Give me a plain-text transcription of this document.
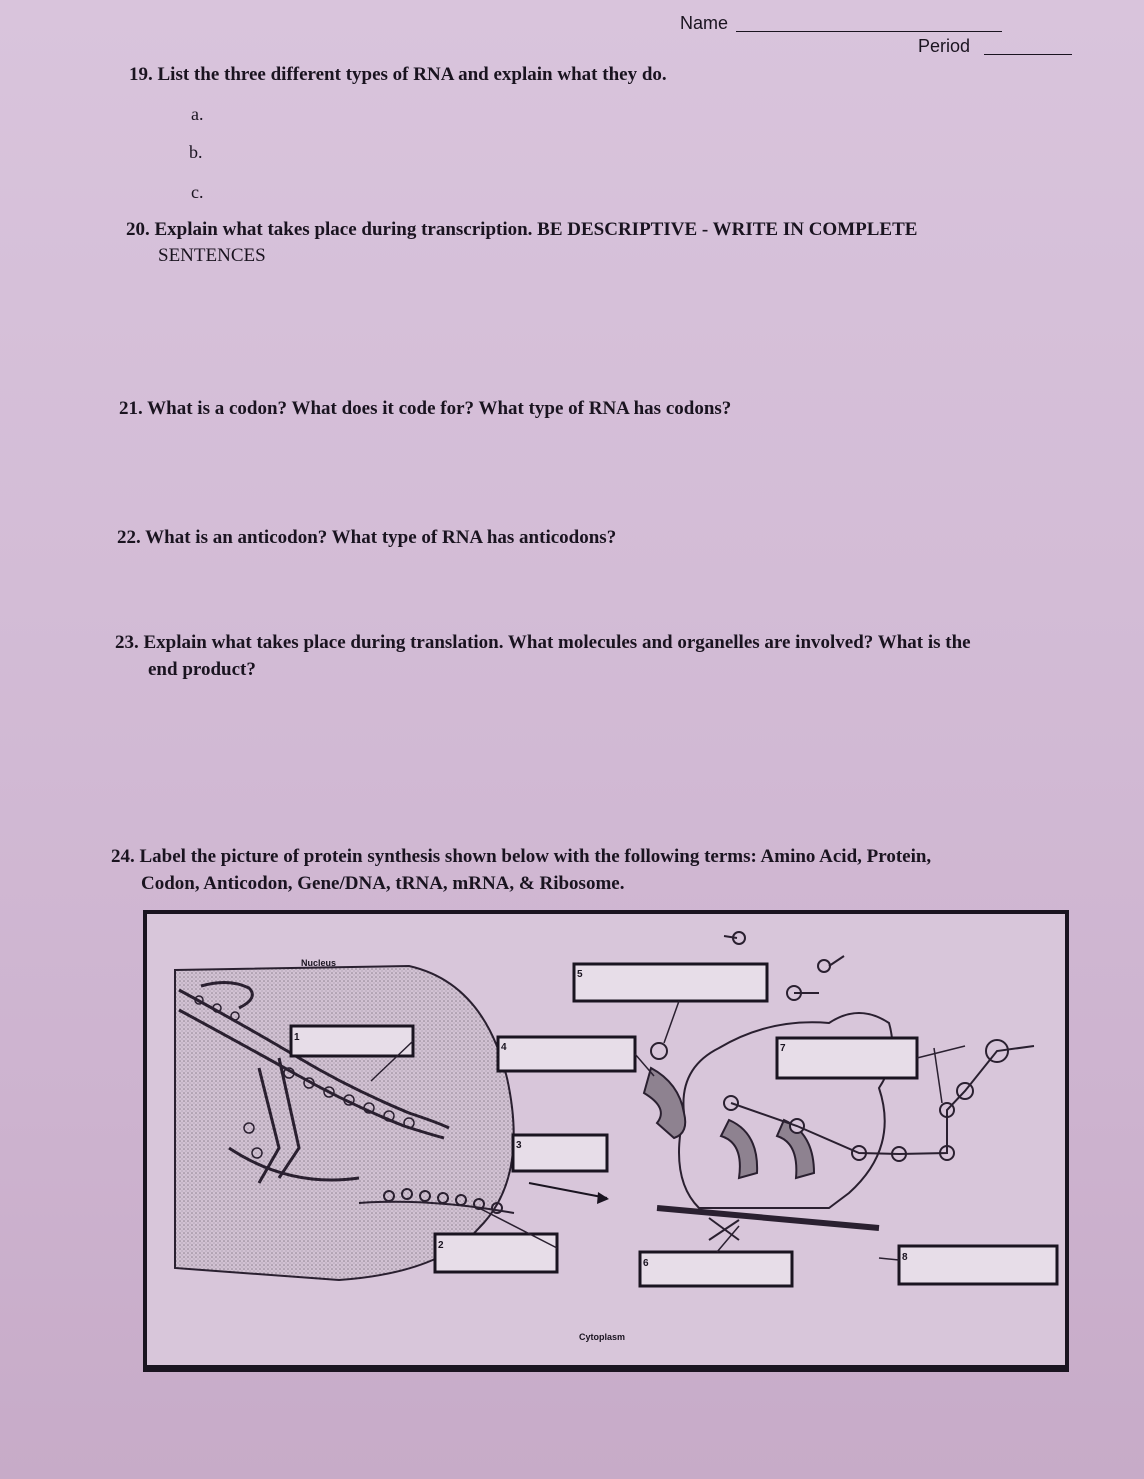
Name
Period
19. List the three different types of RNA and explain what they do.
a.
b.
c.
20. Explain what takes place during transcription. BE DESCRIPTIVE - WRITE IN COMPLETE
SENTENCES
21. What is a codon? What does it code for? What type of RNA has codons?
22. What is an anticodon? What type of RNA has anticodons?
23. Explain what takes place during translation. What molecules and organelles are involved? What is the
end product?
24. Label the picture of protein synthesis shown below with the following terms: Amino Acid, Protein,
Codon, Anticodon, Gene/DNA, tRNA, mRNA, & Ribosome.
Nucleus
1
2
3
4
5
6
7
8
Cytoplasm
